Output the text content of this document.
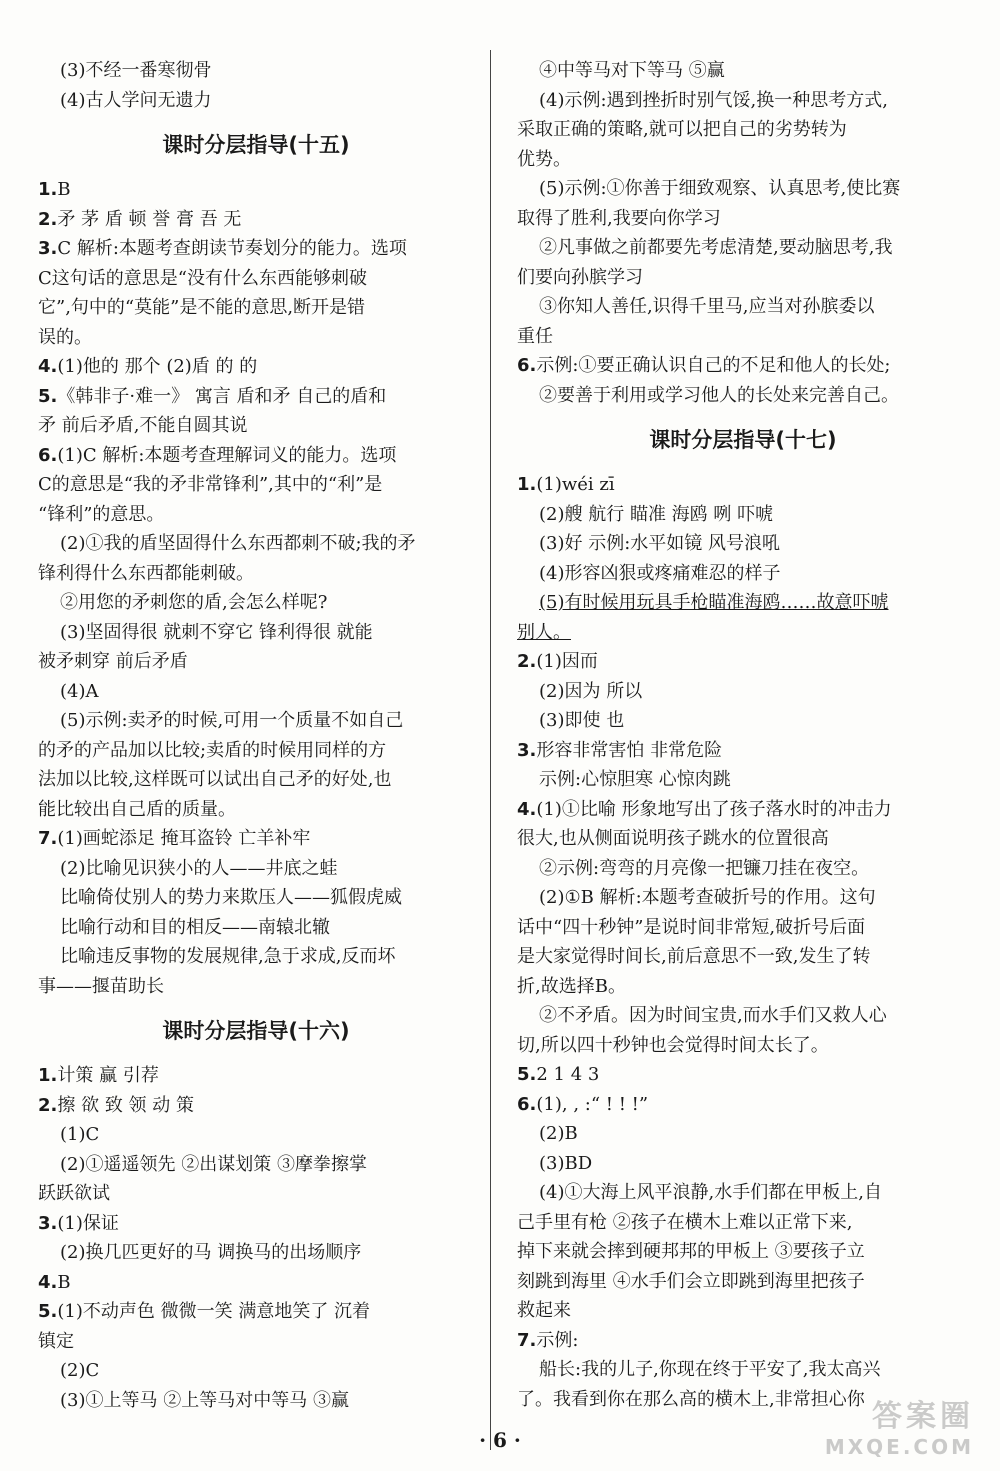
(3)不经一番寒彻骨
(4)古人学问无遗力
课时分层指导(十五)
1.B
2.矛 茅 盾 顿 誉 膏 吾 无
3.C 解析:本题考查朗读节奏划分的能力。选项
C这句话的意思是“没有什么东西能够刺破
它”,句中的“莫能”是不能的意思,断开是错
误的。
4.(1)他的 那个 (2)盾 的 的
5.《韩非子·难一》 寓言 盾和矛 自己的盾和
矛 前后矛盾,不能自圆其说
6.(1)C 解析:本题考查理解词义的能力。选项
C的意思是“我的矛非常锋利”,其中的“利”是
“锋利”的意思。
(2)①我的盾坚固得什么东西都刺不破;我的矛
锋利得什么东西都能刺破。
②用您的矛刺您的盾,会怎么样呢?
(3)坚固得很 就刺不穿它 锋利得很 就能
被矛刺穿 前后矛盾
(4)A
(5)示例:卖矛的时候,可用一个质量不如自己
的矛的产品加以比较;卖盾的时候用同样的方
法加以比较,这样既可以试出自己矛的好处,也
能比较出自己盾的质量。
7.(1)画蛇添足 掩耳盗铃 亡羊补牢
(2)比喻见识狭小的人——井底之蛙
比喻倚仗别人的势力来欺压人——狐假虎威
比喻行动和目的相反——南辕北辙
比喻违反事物的发展规律,急于求成,反而坏
事——揠苗助长
课时分层指导(十六)
1.计策 赢 引荐
2.擦 欲 致 领 动 策
(1)C
(2)①遥遥领先 ②出谋划策 ③摩拳擦掌
跃跃欲试
3.(1)保证
(2)换几匹更好的马 调换马的出场顺序
4.B
5.(1)不动声色 微微一笑 满意地笑了 沉着
镇定
(2)C
(3)①上等马 ②上等马对中等马 ③赢
④中等马对下等马 ⑤赢
(4)示例:遇到挫折时别气馁,换一种思考方式,
采取正确的策略,就可以把自己的劣势转为
优势。
(5)示例:①你善于细致观察、认真思考,使比赛
取得了胜利,我要向你学习
②凡事做之前都要先考虑清楚,要动脑思考,我
们要向孙膑学习
③你知人善任,识得千里马,应当对孙膑委以
重任
6.示例:①要正确认识自己的不足和他人的长处;
②要善于利用或学习他人的长处来完善自己。
课时分层指导(十七)
1.(1)wéi zī
(2)艘 航行 瞄准 海鸥 咧 吓唬
(3)好 示例:水平如镜 风号浪吼
(4)形容凶狠或疼痛难忍的样子
(5)有时候用玩具手枪瞄准海鸥……故意吓唬
别人。
2.(1)因而
(2)因为 所以
(3)即使 也
3.形容非常害怕 非常危险
示例:心惊胆寒 心惊肉跳
4.(1)①比喻 形象地写出了孩子落水时的冲击力
很大,也从侧面说明孩子跳水的位置很高
②示例:弯弯的月亮像一把镰刀挂在夜空。
(2)①B 解析:本题考查破折号的作用。这句
话中“四十秒钟”是说时间非常短,破折号后面
是大家觉得时间长,前后意思不一致,发生了转
折,故选择B。
②不矛盾。因为时间宝贵,而水手们又救人心
切,所以四十秒钟也会觉得时间太长了。
5.2 1 4 3
6.(1), , :“ ! ! !”
(2)B
(3)BD
(4)①大海上风平浪静,水手们都在甲板上,自
己手里有枪 ②孩子在横木上难以正常下来,
掉下来就会摔到硬邦邦的甲板上 ③要孩子立
刻跳到海里 ④水手们会立即跳到海里把孩子
救起来
7.示例:
船长:我的儿子,你现在终于平安了,我太高兴
了。我看到你在那么高的横木上,非常担心你
· 6 ·
答案圈
MXQE.COM
